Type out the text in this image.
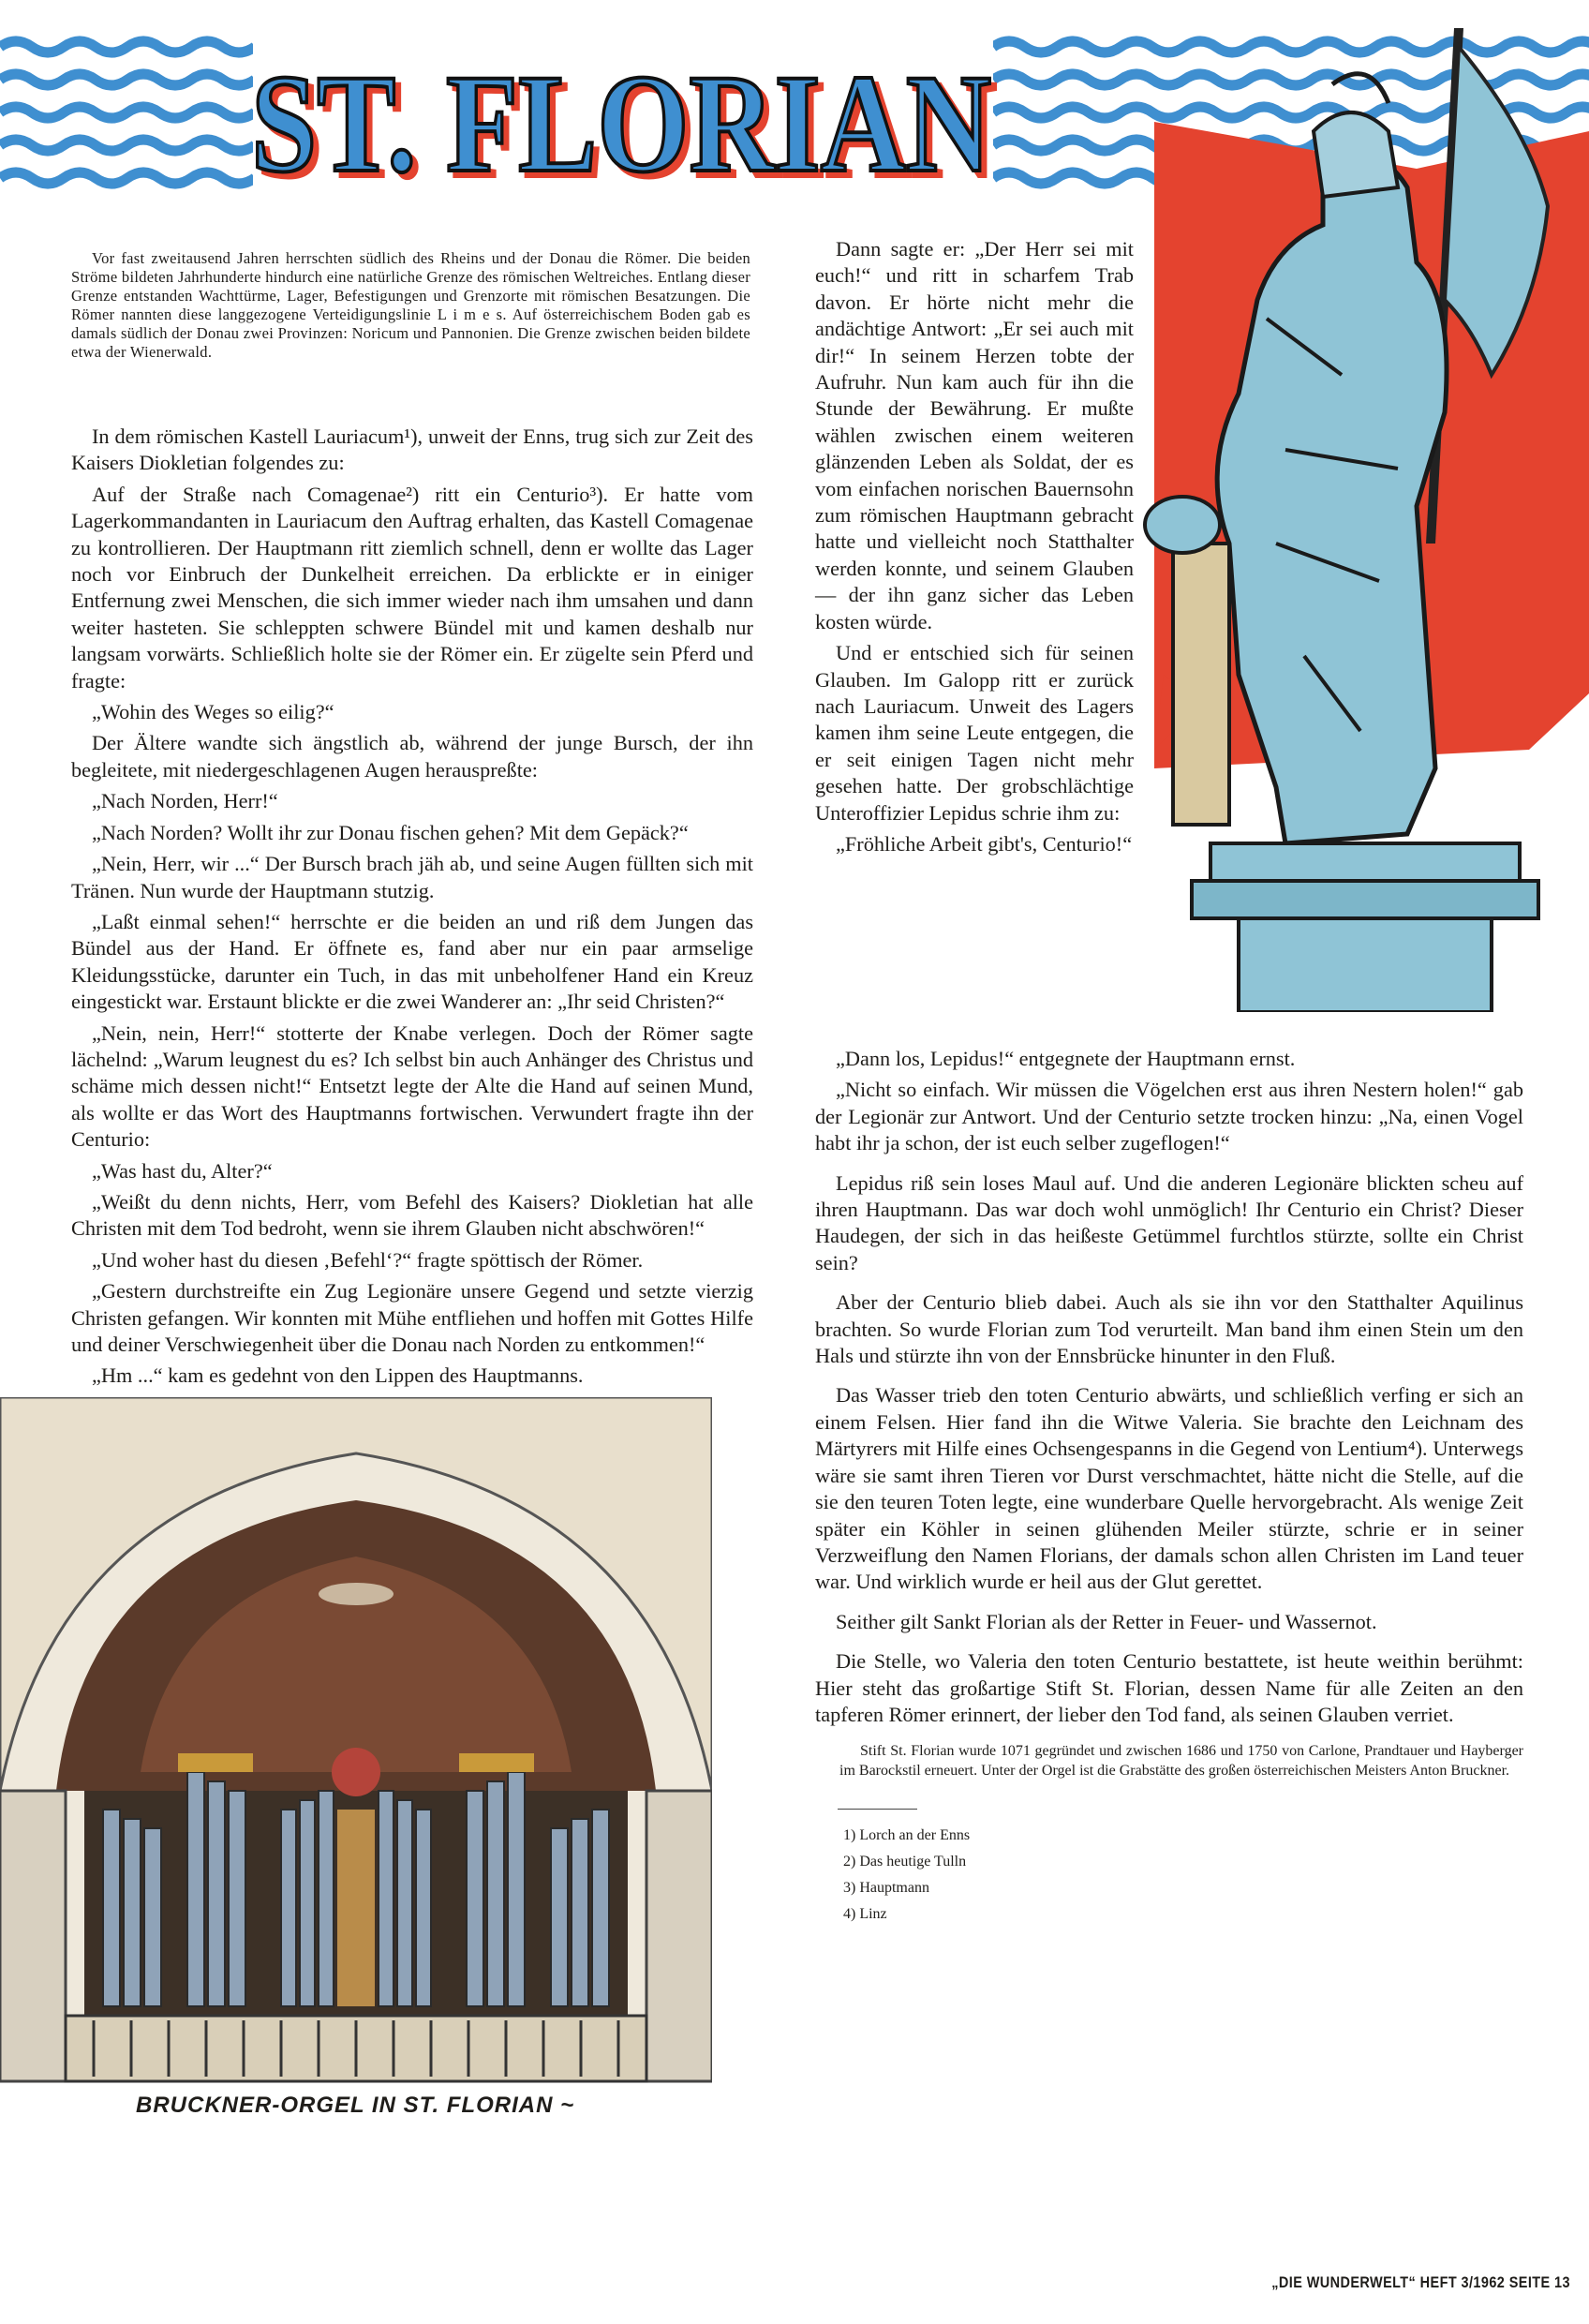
ST. FLORIAN

Vor fast zweitausend Jahren herrschten südlich des Rheins und der Donau die Römer. Die beiden Ströme bildeten Jahrhunderte hindurch eine natürliche Grenze des römischen Weltreiches. Entlang dieser Grenze entstanden Wachttürme, Lager, Befestigungen und Grenzorte mit römischen Besatzungen. Die Römer nannten diese langgezogene Verteidigungslinie L i m e s. Auf österreichischem Boden gab es damals südlich der Donau zwei Provinzen: Noricum und Pannonien. Die Grenze zwischen beiden bildete etwa der Wienerwald.

In dem römischen Kastell Lauriacum¹), unweit der Enns, trug sich zur Zeit des Kaisers Diokletian folgendes zu:

Auf der Straße nach Comagenae²) ritt ein Centurio³). Er hatte vom Lagerkommandanten in Lauriacum den Auftrag erhalten, das Kastell Comagenae zu kontrollieren. Der Hauptmann ritt ziemlich schnell, denn er wollte das Lager noch vor Einbruch der Dunkelheit erreichen. Da erblickte er in einiger Entfernung zwei Menschen, die sich immer wieder nach ihm umsahen und dann weiter hasteten. Sie schleppten schwere Bündel mit und kamen deshalb nur langsam vorwärts. Schließlich holte sie der Römer ein. Er zügelte sein Pferd und fragte:

„Wohin des Weges so eilig?“

Der Ältere wandte sich ängstlich ab, während der junge Bursch, der ihn begleitete, mit niedergeschlagenen Augen herauspreßte:

„Nach Norden, Herr!“

„Nach Norden? Wollt ihr zur Donau fischen gehen? Mit dem Gepäck?“

„Nein, Herr, wir ...“ Der Bursch brach jäh ab, und seine Augen füllten sich mit Tränen. Nun wurde der Hauptmann stutzig.

„Laßt einmal sehen!“ herrschte er die beiden an und riß dem Jungen das Bündel aus der Hand. Er öffnete es, fand aber nur ein paar armselige Kleidungsstücke, darunter ein Tuch, in das mit unbeholfener Hand ein Kreuz eingestickt war. Erstaunt blickte er die zwei Wanderer an: „Ihr seid Christen?“

„Nein, nein, Herr!“ stotterte der Knabe verlegen. Doch der Römer sagte lächelnd: „Warum leugnest du es? Ich selbst bin auch Anhänger des Christus und schäme mich dessen nicht!“ Entsetzt legte der Alte die Hand auf seinen Mund, als wollte er das Wort des Hauptmanns fortwischen. Verwundert fragte ihn der Centurio:

„Was hast du, Alter?“

„Weißt du denn nichts, Herr, vom Befehl des Kaisers? Diokletian hat alle Christen mit dem Tod bedroht, wenn sie ihrem Glauben nicht abschwören!“

„Und woher hast du diesen ‚Befehl‘?“ fragte spöttisch der Römer.

„Gestern durchstreifte ein Zug Legionäre unsere Gegend und setzte vierzig Christen gefangen. Wir konnten mit Mühe entfliehen und hoffen mit Gottes Hilfe und deiner Verschwiegenheit über die Donau nach Norden zu entkommen!“

„Hm ...“ kam es gedehnt von den Lippen des Hauptmanns.

BRUCKNER-ORGEL IN ST. FLORIAN ~

Dann sagte er: „Der Herr sei mit euch!“ und ritt in scharfem Trab davon. Er hörte nicht mehr die andächtige Antwort: „Er sei auch mit dir!“ In seinem Herzen tobte der Aufruhr. Nun kam auch für ihn die Stunde der Bewährung. Er mußte wählen zwischen einem weiteren glänzenden Leben als Soldat, der es vom einfachen norischen Bauernsohn zum römischen Hauptmann gebracht hatte und vielleicht noch Statthalter werden konnte, und seinem Glauben — der ihn ganz sicher das Leben kosten würde.

Und er entschied sich für seinen Glauben. Im Galopp ritt er zurück nach Lauriacum. Unweit des Lagers kamen ihm seine Leute entgegen, die er seit einigen Tagen nicht mehr gesehen hatte. Der grobschlächtige Unteroffizier Lepidus schrie ihm zu:

„Fröhliche Arbeit gibt's, Centurio!“

„Dann los, Lepidus!“ entgegnete der Hauptmann ernst.

„Nicht so einfach. Wir müssen die Vögelchen erst aus ihren Nestern holen!“ gab der Legionär zur Antwort. Und der Centurio setzte trocken hinzu: „Na, einen Vogel habt ihr ja schon, der ist euch selber zugeflogen!“

Lepidus riß sein loses Maul auf. Und die anderen Legionäre blickten scheu auf ihren Hauptmann. Das war doch wohl unmöglich! Ihr Centurio ein Christ? Dieser Haudegen, der sich in das heißeste Getümmel furchtlos stürzte, sollte ein Christ sein?

Aber der Centurio blieb dabei. Auch als sie ihn vor den Statthalter Aquilinus brachten. So wurde Florian zum Tod verurteilt. Man band ihm einen Stein um den Hals und stürzte ihn von der Ennsbrücke hinunter in den Fluß.

Das Wasser trieb den toten Centurio abwärts, und schließlich verfing er sich an einem Felsen. Hier fand ihn die Witwe Valeria. Sie brachte den Leichnam des Märtyrers mit Hilfe eines Ochsengespanns in die Gegend von Lentium⁴). Unterwegs wäre sie samt ihren Tieren vor Durst verschmachtet, hätte nicht die Stelle, auf die sie den teuren Toten legte, eine wunderbare Quelle hervorgebracht. Als wenige Zeit später ein Köhler in seinen glühenden Meiler stürzte, schrie er in seiner Verzweiflung den Namen Florians, der damals schon allen Christen im Land teuer war. Und wirklich wurde er heil aus der Glut gerettet.

Seither gilt Sankt Florian als der Retter in Feuer- und Wassernot.

Die Stelle, wo Valeria den toten Centurio bestattete, ist heute weithin berühmt: Hier steht das großartige Stift St. Florian, dessen Name für alle Zeiten an den tapferen Römer erinnert, der lieber den Tod fand, als seinen Glauben verriet.

Stift St. Florian wurde 1071 gegründet und zwischen 1686 und 1750 von Carlone, Prandtauer und Hayberger im Barockstil erneuert. Unter der Orgel ist die Grabstätte des großen österreichischen Meisters Anton Bruckner.

1) Lorch an der Enns
2) Das heutige Tulln
3) Hauptmann
4) Linz
„DIE WUNDERWELT“ HEFT 3/1962 SEITE 13
